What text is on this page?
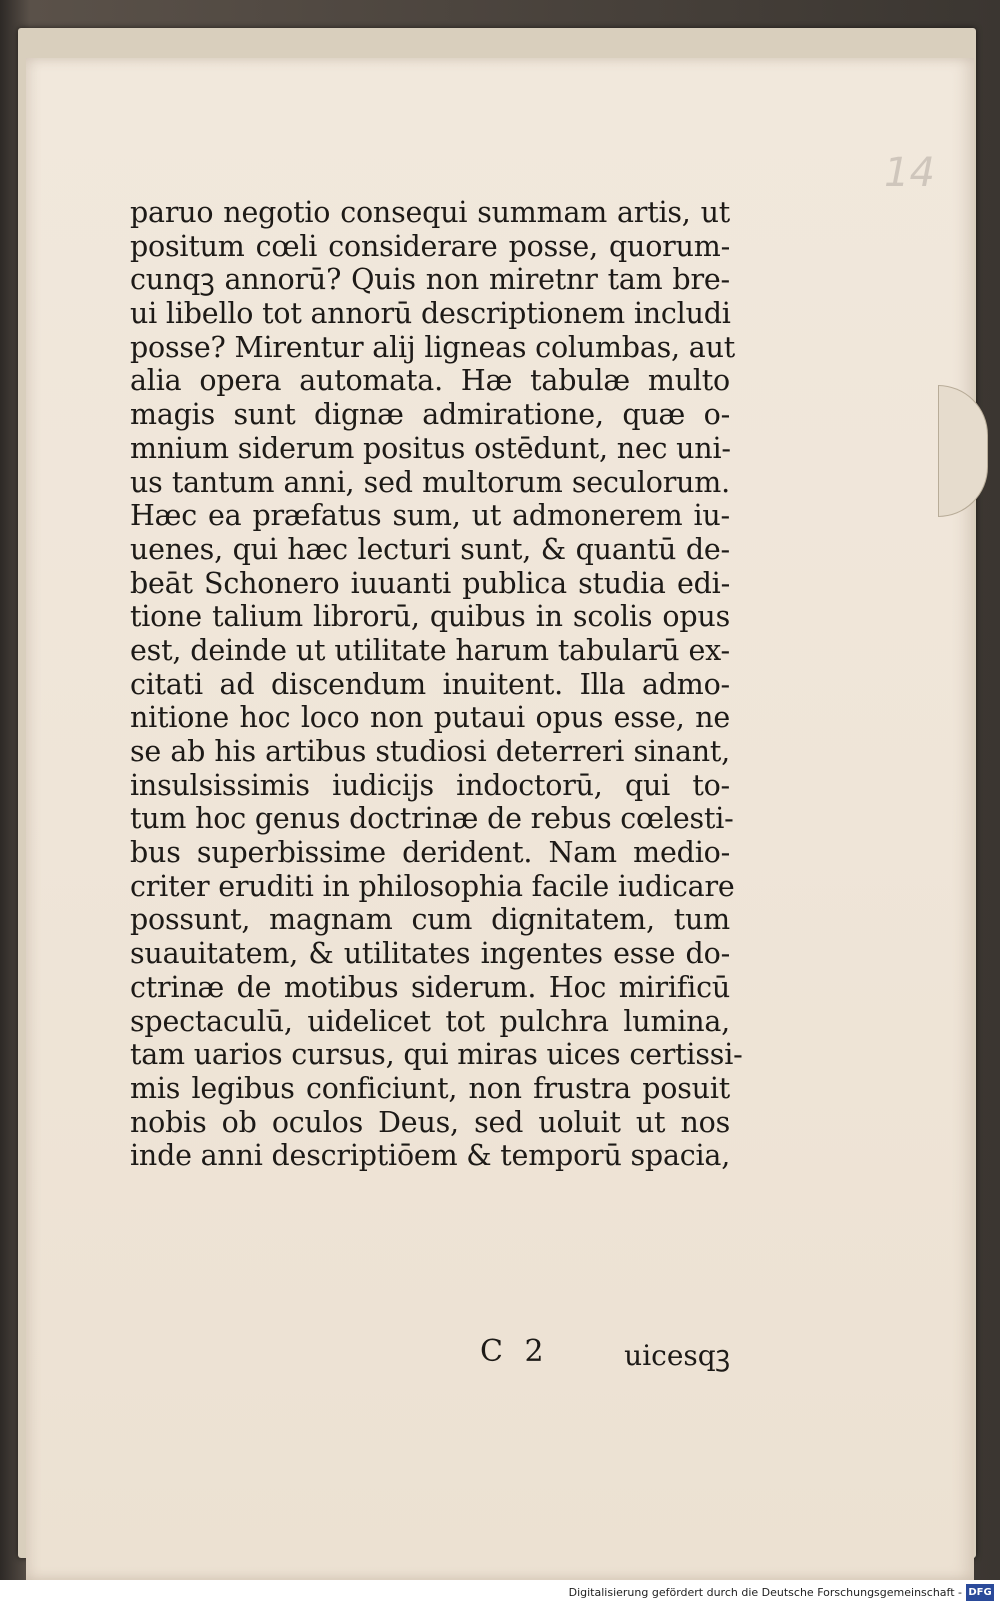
14
paruo negotio consequi summam artis, ut
positum cœli considerare posse, quorum-
cunqꝫ annorū? Quis non miretnr tam bre-
ui libello tot annorū descriptionem includi
posse? Mirentur alij ligneas columbas, aut
alia opera automata. Hæ tabulæ multo
magis sunt dignæ admiratione, quæ o-
mnium siderum positus ostēdunt, nec uni-
us tantum anni, sed multorum seculorum.
Hæc ea præfatus sum, ut admonerem iu-
uenes, qui hæc lecturi sunt, & quantū de-
beāt Schonero iuuanti publica studia edi-
tione talium librorū, quibus in scolis opus
est, deinde ut utilitate harum tabularū ex-
citati ad discendum inuitent. Illa admo-
nitione hoc loco non putaui opus esse, ne
se ab his artibus studiosi deterreri sinant,
insulsissimis iudicijs indoctorū, qui to-
tum hoc genus doctrinæ de rebus cœlesti-
bus superbissime derident. Nam medio-
criter eruditi in philosophia facile iudicare
possunt, magnam cum dignitatem, tum
suauitatem, & utilitates ingentes esse do-
ctrinæ de motibus siderum. Hoc mirificū
spectaculū, uidelicet tot pulchra lumina,
tam uarios cursus, qui miras uices certissi-
mis legibus conficiunt, non frustra posuit
nobis ob oculos Deus, sed uoluit ut nos
inde anni descriptiōem & temporū spacia,
C 2	uicesqꝫ
Digitalisierung gefördert durch die Deutsche Forschungsgemeinschaft - DFG
